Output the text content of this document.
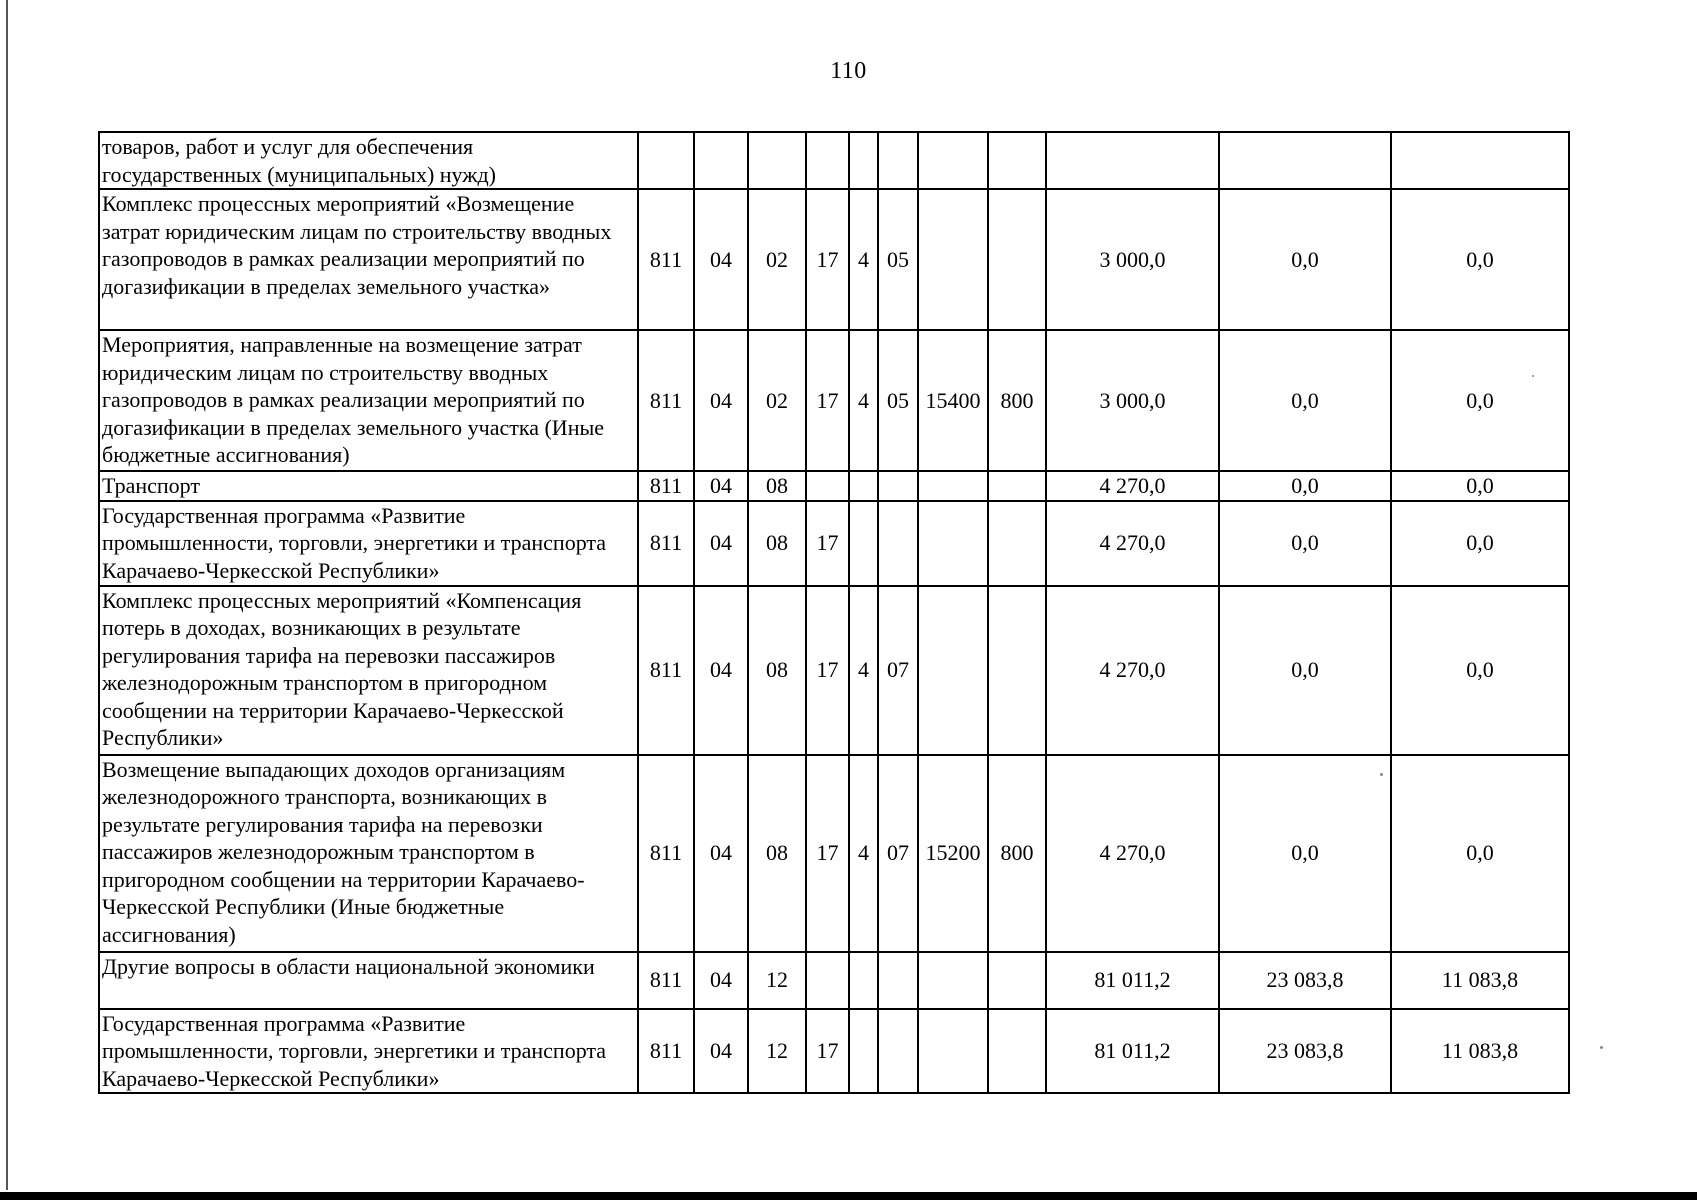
110
товаров, работ и услуг для обеспечения государственных (муниципальных) нужд)											
Комплекс процессных мероприятий «Возмещение затрат юридическим лицам по строительству вводных газопроводов в рамках реализации мероприятий по догазификации в пределах земельного участка»	811	04	02	17	4	05			3 000,0	0,0	0,0
Мероприятия, направленные на возмещение затрат юридическим лицам по строительству вводных газопроводов в рамках реализации мероприятий по догазификации в пределах земельного участка (Иные бюджетные ассигнования)	811	04	02	17	4	05	15400	800	3 000,0	0,0	0,0
Транспорт	811	04	08						4 270,0	0,0	0,0
Государственная программа «Развитие промышленности, торговли, энергетики и транспорта Карачаево-Черкесской Республики»	811	04	08	17					4 270,0	0,0	0,0
Комплекс процессных мероприятий «Компенсация потерь в доходах, возникающих в результате регулирования тарифа на перевозки пассажиров железнодорожным транспортом в пригородном сообщении на территории Карачаево-Черкесской Республики»	811	04	08	17	4	07			4 270,0	0,0	0,0
Возмещение выпадающих доходов организациям железнодорожного транспорта, возникающих в результате регулирования тарифа на перевозки пассажиров железнодорожным транспортом в пригородном сообщении на территории Карачаево-Черкесской Республики (Иные бюджетные ассигнования)	811	04	08	17	4	07	15200	800	4 270,0	0,0	0,0
Другие вопросы в области национальной экономики	811	04	12						81 011,2	23 083,8	11 083,8
Государственная программа «Развитие промышленности, торговли, энергетики и транспорта Карачаево-Черкесской Республики»	811	04	12	17					81 011,2	23 083,8	11 083,8
